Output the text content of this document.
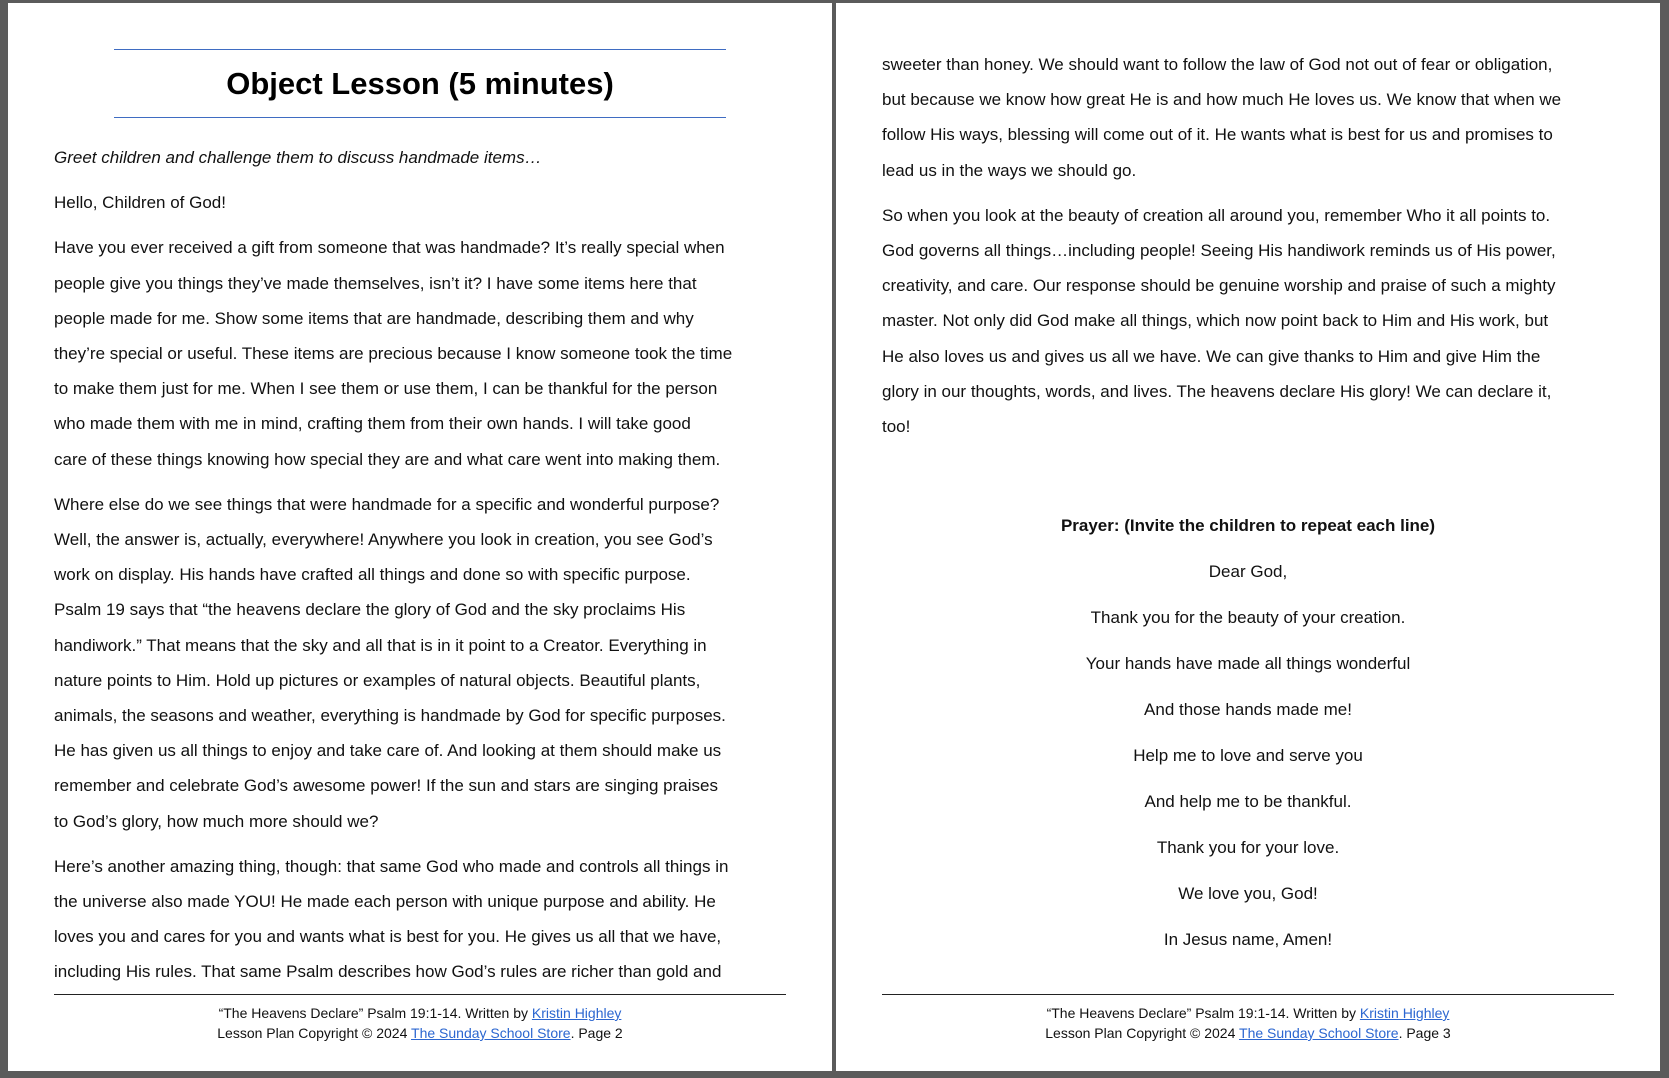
Object Lesson (5 minutes)

Greet children and challenge them to discuss handmade items…

Hello, Children of God!

Have you ever received a gift from someone that was handmade? It’s really special when
people give you things they’ve made themselves, isn’t it? I have some items here that
people made for me. Show some items that are handmade, describing them and why
they’re special or useful. These items are precious because I know someone took the time
to make them just for me. When I see them or use them, I can be thankful for the person
who made them with me in mind, crafting them from their own hands. I will take good
care of these things knowing how special they are and what care went into making them.
Where else do we see things that were handmade for a specific and wonderful purpose?
Well, the answer is, actually, everywhere! Anywhere you look in creation, you see God’s
work on display. His hands have crafted all things and done so with specific purpose.
Psalm 19 says that “the heavens declare the glory of God and the sky proclaims His
handiwork.” That means that the sky and all that is in it point to a Creator. Everything in
nature points to Him. Hold up pictures or examples of natural objects. Beautiful plants,
animals, the seasons and weather, everything is handmade by God for specific purposes.
He has given us all things to enjoy and take care of. And looking at them should make us
remember and celebrate God’s awesome power! If the sun and stars are singing praises
to God’s glory, how much more should we?
Here’s another amazing thing, though: that same God who made and controls all things in
the universe also made YOU! He made each person with unique purpose and ability. He
loves you and cares for you and wants what is best for you. He gives us all that we have,
including His rules. That same Psalm describes how God’s rules are richer than gold and
“The Heavens Declare” Psalm 19:1-14. Written by Kristin Highley
Lesson Plan Copyright © 2024 The Sunday School Store. Page 2
sweeter than honey. We should want to follow the law of God not out of fear or obligation,
but because we know how great He is and how much He loves us. We know that when we
follow His ways, blessing will come out of it. He wants what is best for us and promises to
lead us in the ways we should go.
So when you look at the beauty of creation all around you, remember Who it all points to.
God governs all things…including people! Seeing His handiwork reminds us of His power,
creativity, and care. Our response should be genuine worship and praise of such a mighty
master. Not only did God make all things, which now point back to Him and His work, but
He also loves us and gives us all we have. We can give thanks to Him and give Him the
glory in our thoughts, words, and lives. The heavens declare His glory! We can declare it,
too!
Prayer: (Invite the children to repeat each line)
Dear God,
Thank you for the beauty of your creation.
Your hands have made all things wonderful
And those hands made me!
Help me to love and serve you
And help me to be thankful.
Thank you for your love.
We love you, God!
In Jesus name, Amen!
“The Heavens Declare” Psalm 19:1-14. Written by Kristin Highley
Lesson Plan Copyright © 2024 The Sunday School Store. Page 3
